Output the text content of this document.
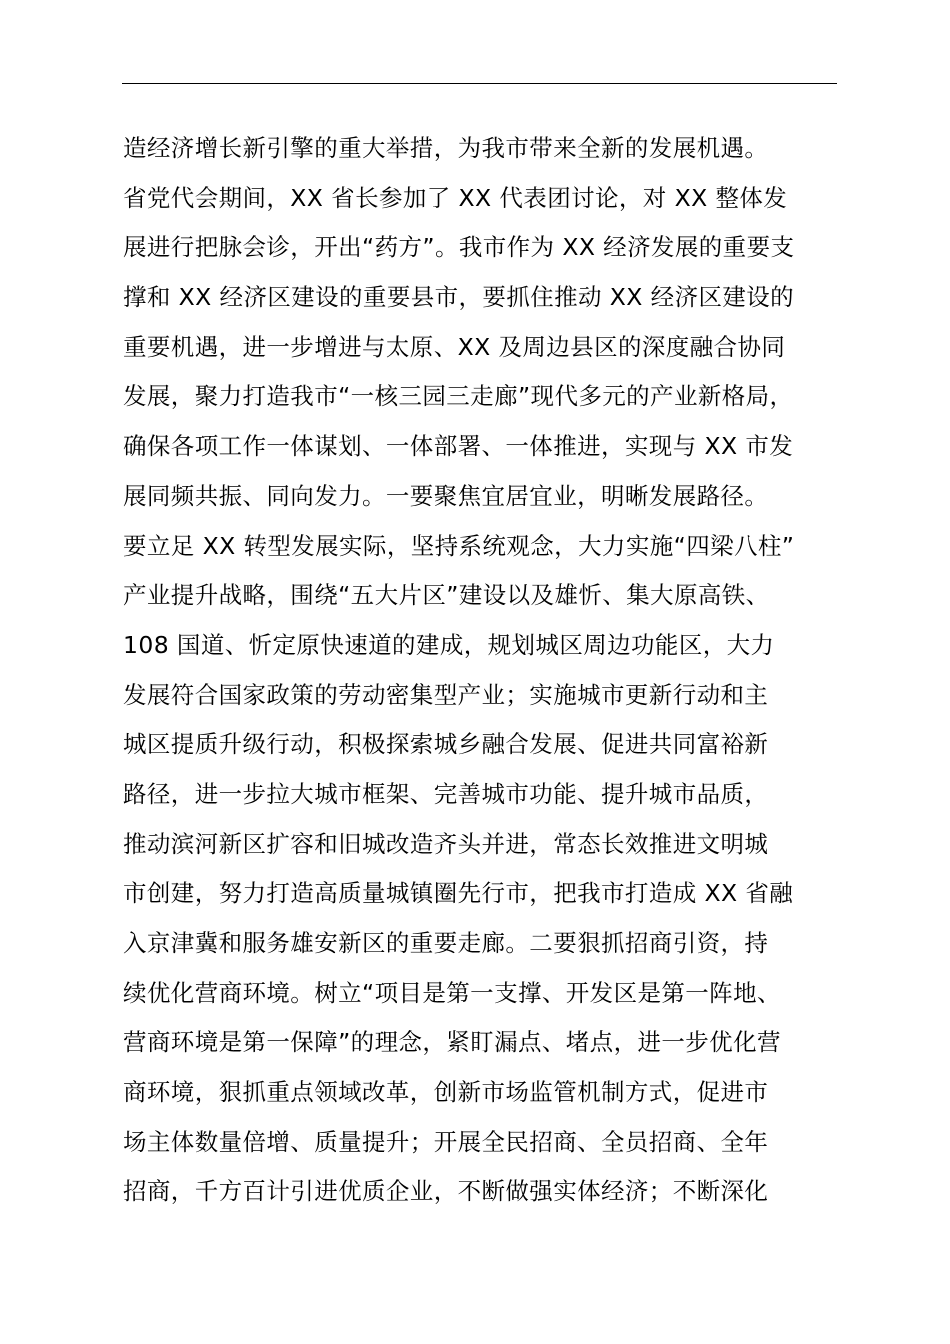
造经济增长新引擎的重大举措，为我市带来全新的发展机遇。
省党代会期间，XX 省长参加了 XX 代表团讨论，对 XX 整体发
展进行把脉会诊，开出“药方”。我市作为 XX 经济发展的重要支
撑和 XX 经济区建设的重要县市，要抓住推动 XX 经济区建设的
重要机遇，进一步增进与太原、XX 及周边县区的深度融合协同
发展，聚力打造我市“一核三园三走廊”现代多元的产业新格局，
确保各项工作一体谋划、一体部署、一体推进，实现与 XX 市发
展同频共振、同向发力。一要聚焦宜居宜业，明晰发展路径。
要立足 XX 转型发展实际，坚持系统观念，大力实施“四梁八柱”
产业提升战略，围绕“五大片区”建设以及雄忻、集大原高铁、
108 国道、忻定原快速道的建成，规划城区周边功能区，大力
发展符合国家政策的劳动密集型产业；实施城市更新行动和主
城区提质升级行动，积极探索城乡融合发展、促进共同富裕新
路径，进一步拉大城市框架、完善城市功能、提升城市品质，
推动滨河新区扩容和旧城改造齐头并进，常态长效推进文明城
市创建，努力打造高质量城镇圈先行市，把我市打造成 XX 省融
入京津冀和服务雄安新区的重要走廊。二要狠抓招商引资，持
续优化营商环境。树立“项目是第一支撑、开发区是第一阵地、
营商环境是第一保障”的理念，紧盯漏点、堵点，进一步优化营
商环境，狠抓重点领域改革，创新市场监管机制方式，促进市
场主体数量倍增、质量提升；开展全民招商、全员招商、全年
招商，千方百计引进优质企业，不断做强实体经济；不断深化
